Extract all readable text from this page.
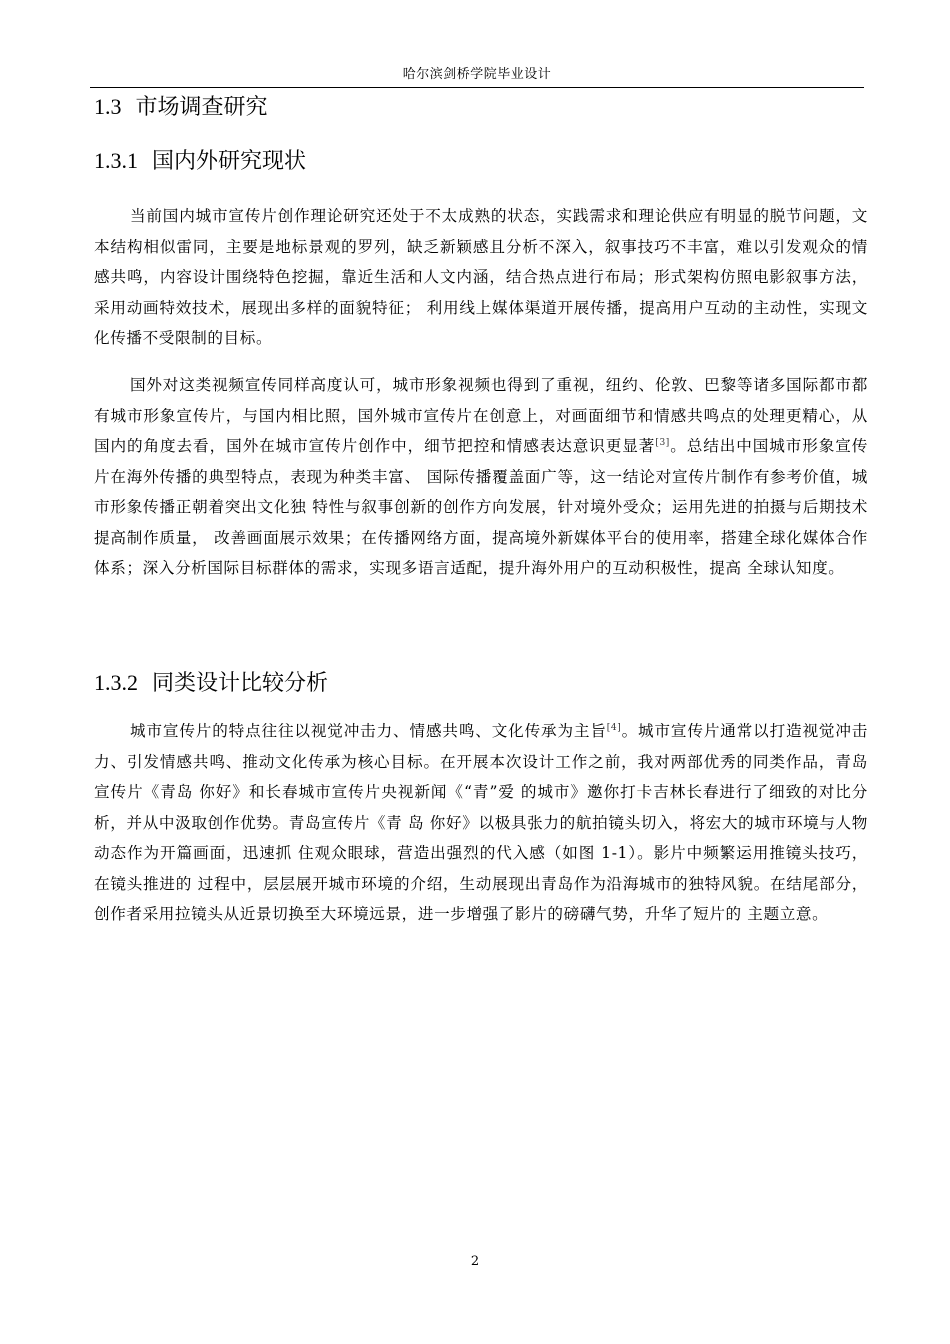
哈尔滨剑桥学院毕业设计
1.3 市场调查研究
1.3.1 国内外研究现状

当前国内城市宣传片创作理论研究还处于不太成熟的状态，实践需求和理论供应有明显的脱节问题，文本结构相似雷同，主要是地标景观的罗列，缺乏新颖感且分析不深入，叙事技巧不丰富，难以引发观众的情感共鸣，内容设计围绕特色挖掘，靠近生活和人文内涵，结合热点进行布局；形式架构仿照电影叙事方法，采用动画特效技术，展现出多样的面貌特征； 利用线上媒体渠道开展传播，提高用户互动的主动性，实现文化传播不受限制的目标。

国外对这类视频宣传同样高度认可，城市形象视频也得到了重视，纽约、伦敦、巴黎等诸多国际都市都有城市形象宣传片，与国内相比照，国外城市宣传片在创意上，对画面细节和情感共鸣点的处理更精心，从国内的角度去看，国外在城市宣传片创作中，细节把控和情感表达意识更显著[3]。总结出中国城市形象宣传片在海外传播的典型特点，表现为种类丰富、 国际传播覆盖面广等，这一结论对宣传片制作有参考价值，城市形象传播正朝着突出文化独 特性与叙事创新的创作方向发展，针对境外受众；运用先进的拍摄与后期技术提高制作质量， 改善画面展示效果；在传播网络方面，提高境外新媒体平台的使用率，搭建全球化媒体合作 体系；深入分析国际目标群体的需求，实现多语言适配，提升海外用户的互动积极性，提高 全球认知度。

1.3.2 同类设计比较分析

城市宣传片的特点往往以视觉冲击力、情感共鸣、文化传承为主旨[4]。城市宣传片通常以打造视觉冲击力、引发情感共鸣、推动文化传承为核心目标。在开展本次设计工作之前，我对两部优秀的同类作品，青岛宣传片《青岛 你好》和长春城市宣传片央视新闻《“青”爱 的城市》邀你打卡吉林长春进行了细致的对比分析，并从中汲取创作优势。青岛宣传片《青 岛 你好》以极具张力的航拍镜头切入，将宏大的城市环境与人物动态作为开篇画面，迅速抓 住观众眼球，营造出强烈的代入感（如图 1-1）。影片中频繁运用推镜头技巧，在镜头推进的 过程中，层层展开城市环境的介绍，生动展现出青岛作为沿海城市的独特风貌。在结尾部分， 创作者采用拉镜头从近景切换至大环境远景，进一步增强了影片的磅礴气势，升华了短片的 主题立意。

2
